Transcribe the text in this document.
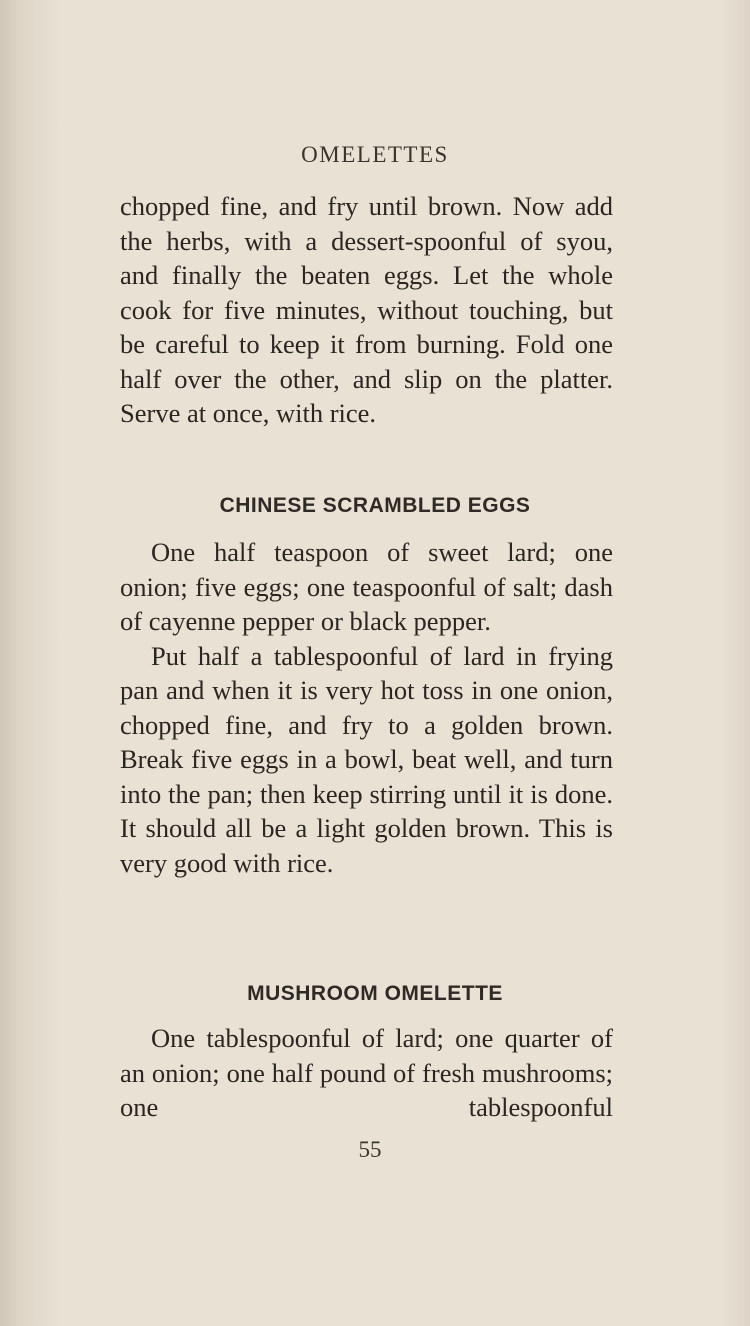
OMELETTES

chopped fine, and fry until brown. Now add the herbs, with a dessert-spoonful of syou, and finally the beaten eggs. Let the whole cook for five minutes, without touching, but be careful to keep it from burning. Fold one half over the other, and slip on the platter. Serve at once, with rice.

CHINESE SCRAMBLED EGGS

One half teaspoon of sweet lard; one onion; five eggs; one teaspoonful of salt; dash of cayenne pepper or black pepper.

Put half a tablespoonful of lard in frying pan and when it is very hot toss in one onion, chopped fine, and fry to a golden brown. Break five eggs in a bowl, beat well, and turn into the pan; then keep stirring until it is done. It should all be a light golden brown. This is very good with rice.

MUSHROOM OMELETTE

One tablespoonful of lard; one quarter of an onion; one half pound of fresh mushrooms; one tablespoonful

55
